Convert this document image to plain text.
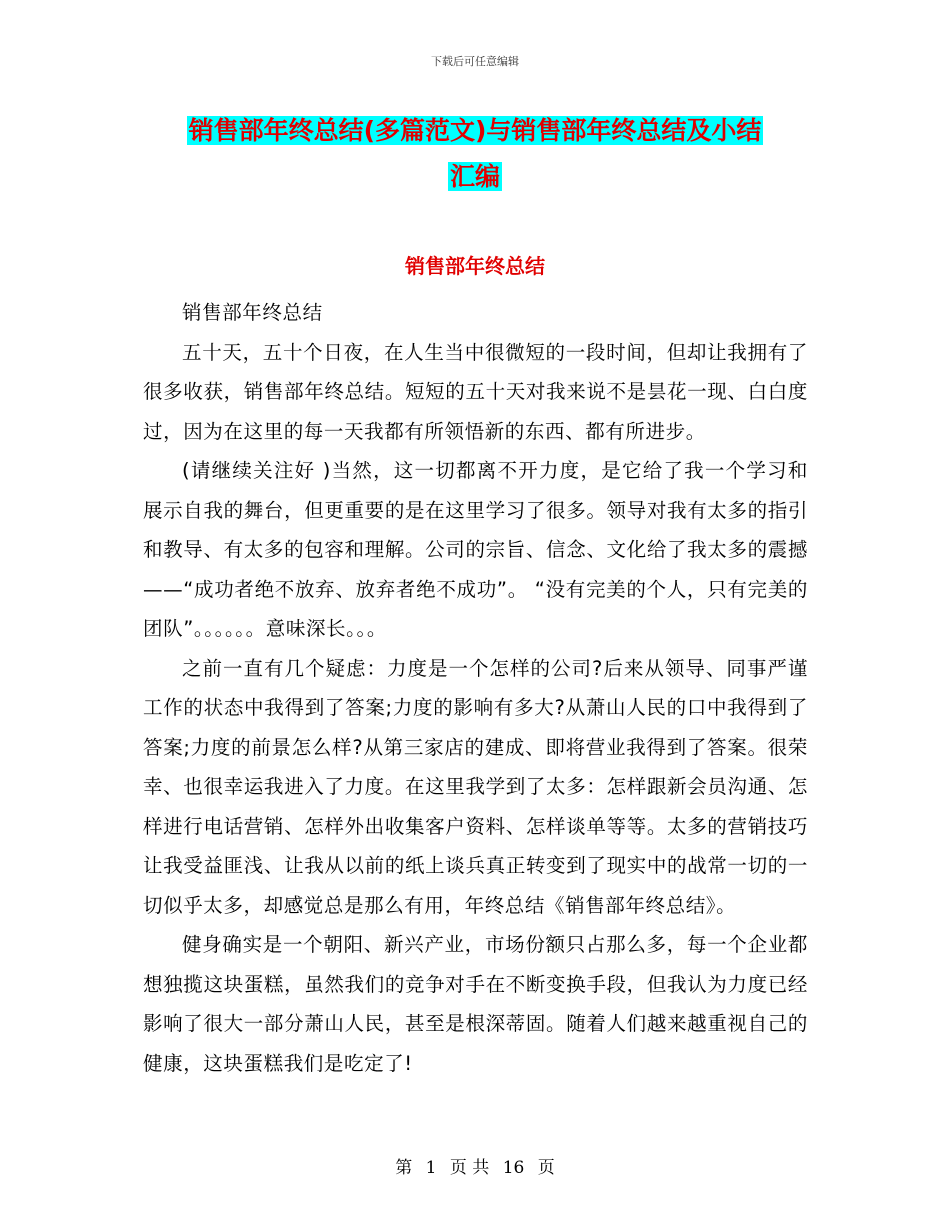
下载后可任意编辑
销售部年终总结(多篇范文)与销售部年终总结及小结
汇编
销售部年终总结

销售部年终总结

五十天，五十个日夜，在人生当中很微短的一段时间，但却让我拥有了很多收获，销售部年终总结。短短的五十天对我来说不是昙花一现、白白度过，因为在这里的每一天我都有所领悟新的东西、都有所进步。

(请继续关注好 )当然，这一切都离不开力度，是它给了我一个学习和展示自我的舞台，但更重要的是在这里学习了很多。领导对我有太多的指引和教导、有太多的包容和理解。公司的宗旨、信念、文化给了我太多的震撼——“成功者绝不放弃、放弃者绝不成功”。 “没有完美的个人，只有完美的团队”。。。。。。意味深长。。。

之前一直有几个疑虑：力度是一个怎样的公司?后来从领导、同事严谨工作的状态中我得到了答案;力度的影响有多大?从萧山人民的口中我得到了答案;力度的前景怎么样?从第三家店的建成、即将营业我得到了答案。很荣幸、也很幸运我进入了力度。在这里我学到了太多：怎样跟新会员沟通、怎样进行电话营销、怎样外出收集客户资料、怎样谈单等等。太多的营销技巧让我受益匪浅、让我从以前的纸上谈兵真正转变到了现实中的战常一切的一切似乎太多，却感觉总是那么有用，年终总结《销售部年终总结》。

健身确实是一个朝阳、新兴产业，市场份额只占那么多，每一个企业都想独揽这块蛋糕，虽然我们的竞争对手在不断变换手段，但我认为力度已经影响了很大一部分萧山人民，甚至是根深蒂固。随着人们越来越重视自己的健康，这块蛋糕我们是吃定了!

第 1 页 共 16 页
